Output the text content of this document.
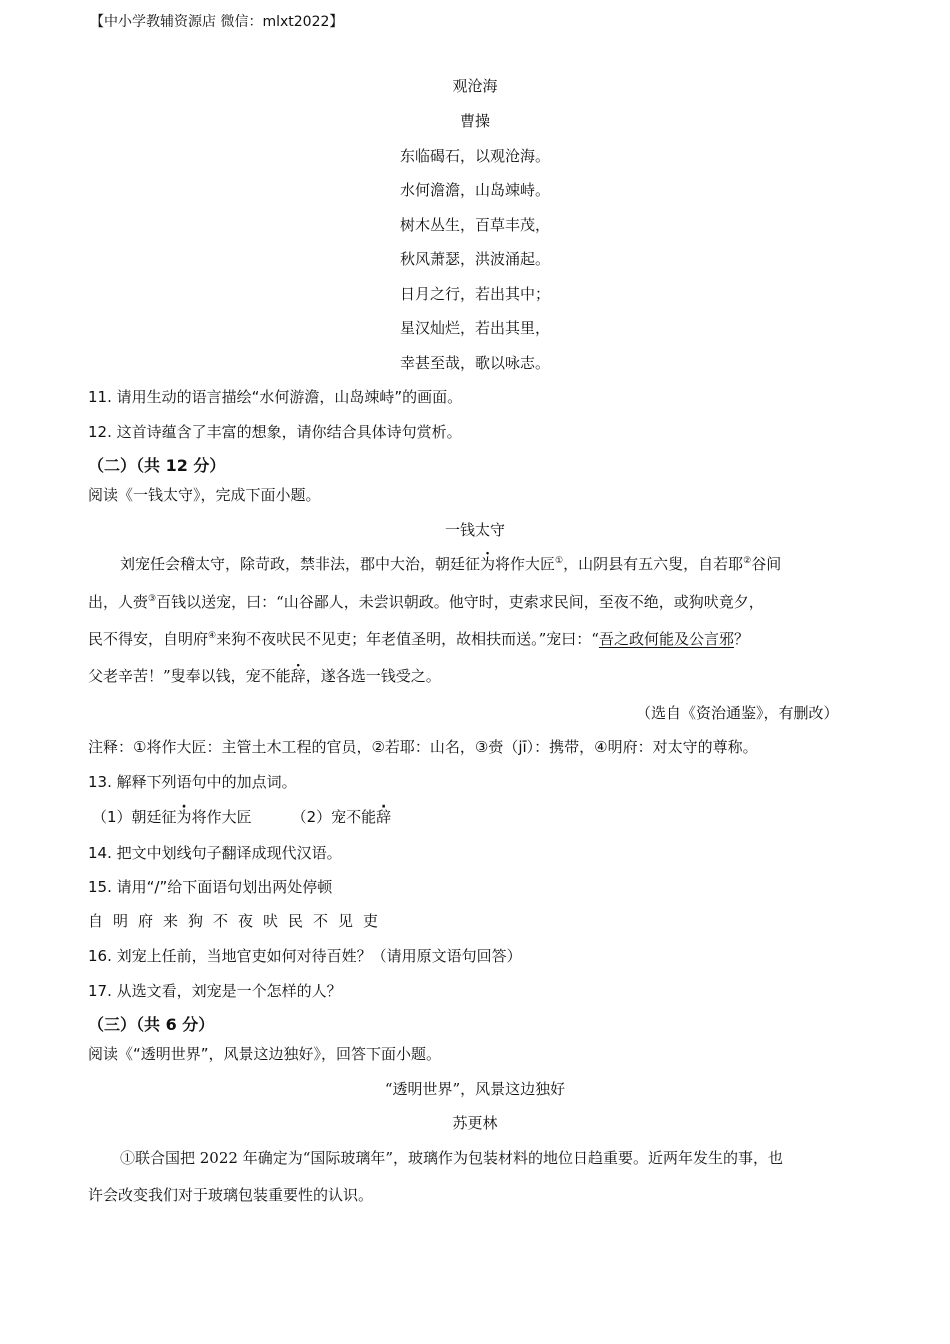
【中小学教辅资源店 微信：mlxt2022】
观沧海
曹操
东临碣石，以观沧海。
水何澹澹，山岛竦峙。
树木丛生，百草丰茂，
秋风萧瑟，洪波涌起。
日月之行，若出其中；
星汉灿烂，若出其里，
幸甚至哉，歌以咏志。
11. 请用生动的语言描绘“水何游澹，山岛竦峙”的画面。
12. 这首诗蕴含了丰富的想象，请你结合具体诗句赏析。
（二）（共 12 分）
阅读《一钱太守》，完成下面小题。
一钱太守
刘宠任会稽太守，除苛政，禁非法，郡中大治，朝廷征为将作大匠①，山阴县有五六叟，自若耶②谷间
出，人赍③百钱以送宠，曰：“山谷鄙人，未尝识朝政。他守时，吏索求民间，至夜不绝，或狗吠竟夕，
民不得安，自明府④来狗不夜吠民不见吏；年老值圣明，故相扶而送。”宠曰：“吾之政何能及公言邪？
父老辛苦！”叟奉以钱，宠不能辞，遂各选一钱受之。
（选自《资治通鉴》，有删改）
注释：①将作大匠：主管土木工程的官员，②若耶：山名，③赍（jī）：携带，④明府：对太守的尊称。
13. 解释下列语句中的加点词。
（1）朝廷征为将作大匠	（2）宠不能辞
14. 把文中划线句子翻译成现代汉语。
15. 请用“/”给下面语句划出两处停顿
自明府来狗不夜吠民不见吏
16. 刘宠上任前，当地官吏如何对待百姓？（请用原文语句回答）
17. 从选文看，刘宠是一个怎样的人？
（三）（共 6 分）
阅读《“透明世界”，风景这边独好》，回答下面小题。
“透明世界”，风景这边独好
苏更林
①联合国把 2022 年确定为“国际玻璃年”，玻璃作为包装材料的地位日趋重要。近两年发生的事，也
许会改变我们对于玻璃包装重要性的认识。
